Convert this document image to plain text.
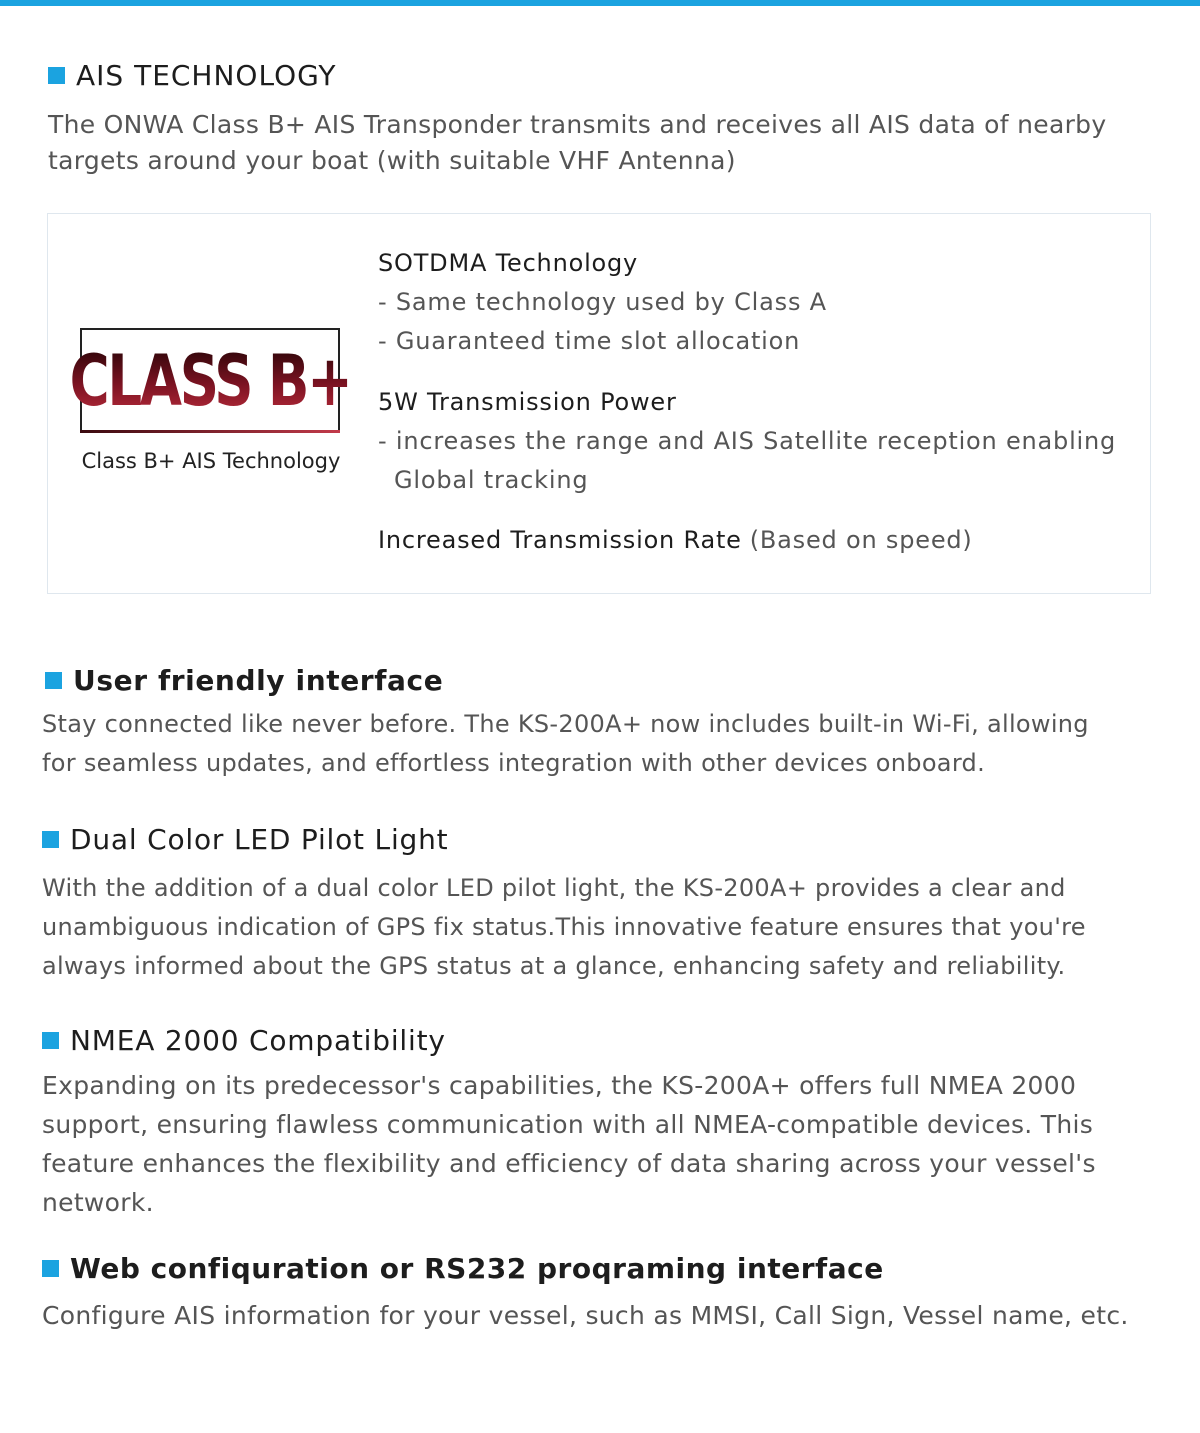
AIS TECHNOLOGY

The ONWA Class B+ AIS Transponder transmits and receives all AIS data of nearby

targets around your boat (with suitable VHF Antenna)

CLASS B+
Class B+ AIS Technology
SOTDMA Technology
- Same technology used by Class A
- Guaranteed time slot allocation
5W Transmission Power
- increases the range and AIS Satellite reception enabling
Global tracking
Increased Transmission Rate (Based on speed)
User friendly interface

Stay connected like never before. The KS-200A+ now includes built-in Wi-Fi, allowing

for seamless updates, and effortless integration with other devices onboard.

Dual Color LED Pilot Light

With the addition of a dual color LED pilot light, the KS-200A+ provides a clear and

unambiguous indication of GPS fix status.This innovative feature ensures that you're

always informed about the GPS status at a glance, enhancing safety and reliability.

NMEA 2000 Compatibility

Expanding on its predecessor's capabilities, the KS-200A+ offers full NMEA 2000

support, ensuring flawless communication with all NMEA-compatible devices. This

feature enhances the flexibility and efficiency of data sharing across your vessel's

network.

Web confiquration or RS232 proqraming interface

Configure AIS information for your vessel, such as MMSI, Call Sign, Vessel name, etc.
